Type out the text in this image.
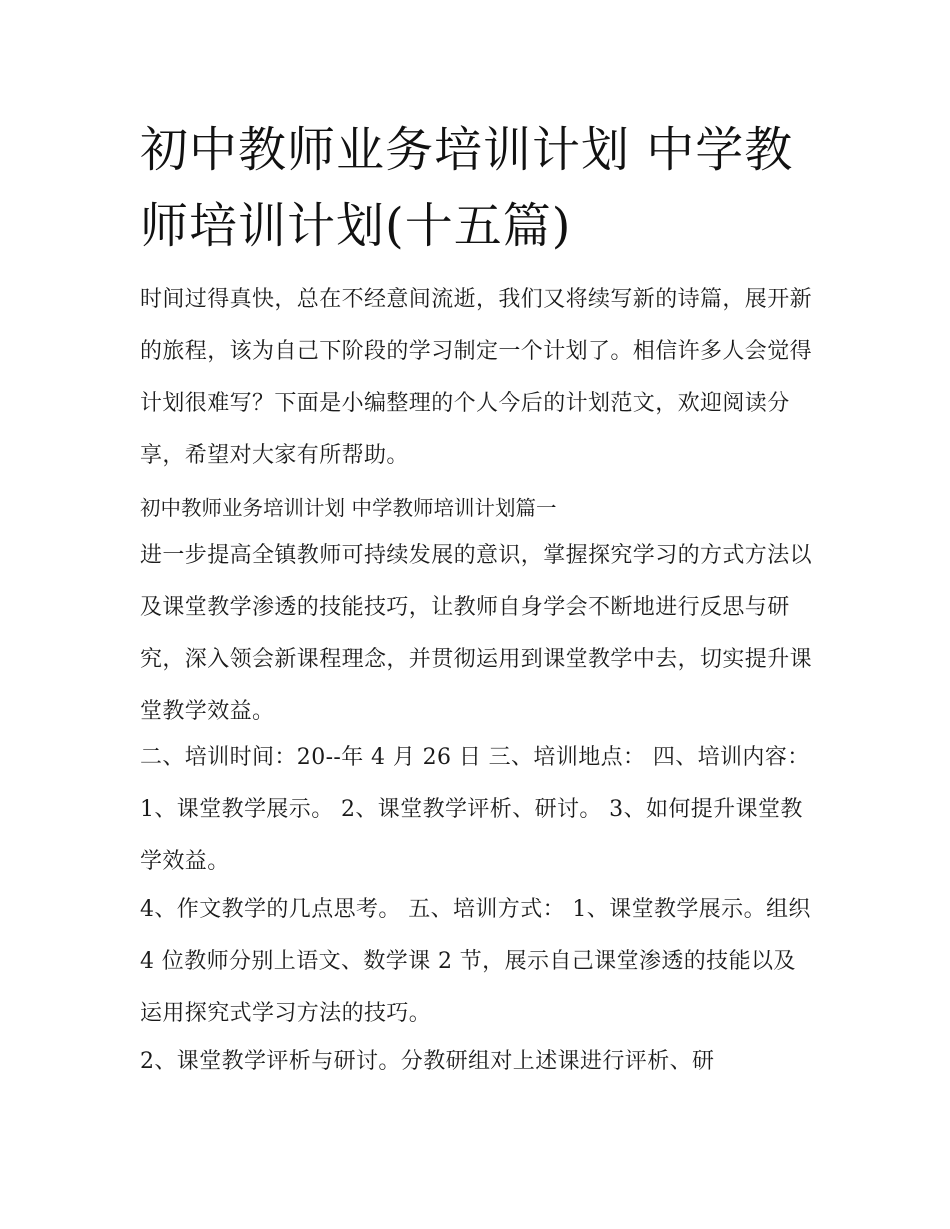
初中教师业务培训计划 中学教师培训计划(十五篇)

时间过得真快，总在不经意间流逝，我们又将续写新的诗篇，展开新的旅程，该为自己下阶段的学习制定一个计划了。相信许多人会觉得计划很难写？下面是小编整理的个人今后的计划范文，欢迎阅读分享，希望对大家有所帮助。

初中教师业务培训计划 中学教师培训计划篇一

进一步提高全镇教师可持续发展的意识，掌握探究学习的方式方法以及课堂教学渗透的技能技巧，让教师自身学会不断地进行反思与研究，深入领会新课程理念，并贯彻运用到课堂教学中去，切实提升课堂教学效益。

二、培训时间：20--年 4 月 26 日 三、培训地点： 四、培训内容： 1、课堂教学展示。 2、课堂教学评析、研讨。 3、如何提升课堂教学效益。

4、作文教学的几点思考。 五、培训方式： 1、课堂教学展示。组织 4 位教师分别上语文、数学课 2 节，展示自己课堂渗透的技能以及运用探究式学习方法的技巧。

2、课堂教学评析与研讨。分教研组对上述课进行评析、研
